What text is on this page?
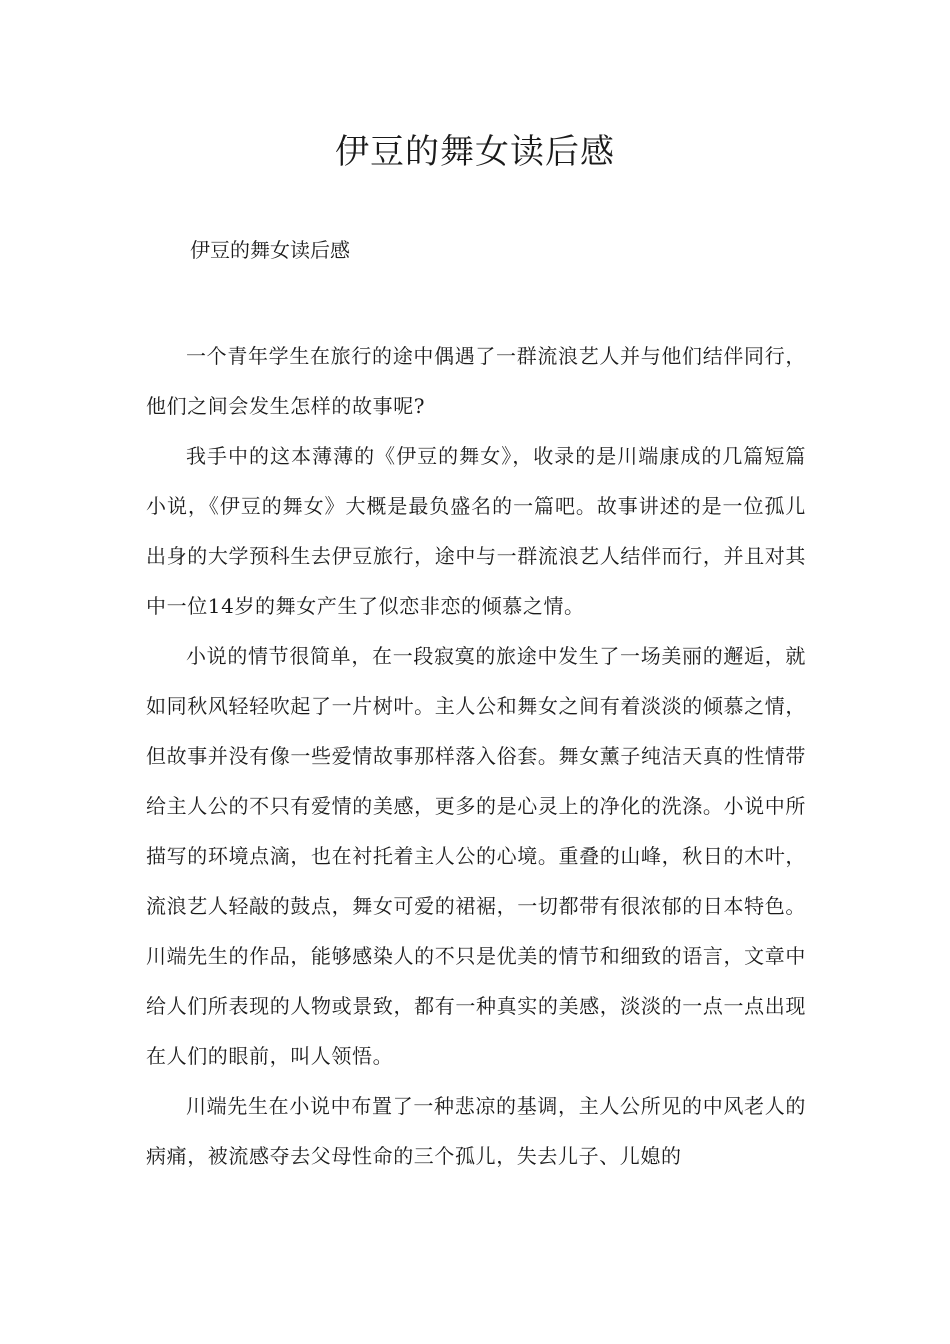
伊豆的舞女读后感

伊豆的舞女读后感

一个青年学生在旅行的途中偶遇了一群流浪艺人并与他们结伴同行，他们之间会发生怎样的故事呢?

我手中的这本薄薄的《伊豆的舞女》，收录的是川端康成的几篇短篇小说，《伊豆的舞女》大概是最负盛名的一篇吧。故事讲述的是一位孤儿出身的大学预科生去伊豆旅行，途中与一群流浪艺人结伴而行，并且对其中一位14岁的舞女产生了似恋非恋的倾慕之情。

小说的情节很简单，在一段寂寞的旅途中发生了一场美丽的邂逅，就如同秋风轻轻吹起了一片树叶。主人公和舞女之间有着淡淡的倾慕之情，但故事并没有像一些爱情故事那样落入俗套。舞女薰子纯洁天真的性情带给主人公的不只有爱情的美感，更多的是心灵上的净化的洗涤。小说中所描写的环境点滴，也在衬托着主人公的心境。重叠的山峰，秋日的木叶，流浪艺人轻敲的鼓点，舞女可爱的裙裾，一切都带有很浓郁的日本特色。川端先生的作品，能够感染人的不只是优美的情节和细致的语言，文章中给人们所表现的人物或景致，都有一种真实的美感，淡淡的一点一点出现在人们的眼前，叫人领悟。

川端先生在小说中布置了一种悲凉的基调，主人公所见的中风老人的病痛，被流感夺去父母性命的三个孤儿，失去儿子、儿媳的
